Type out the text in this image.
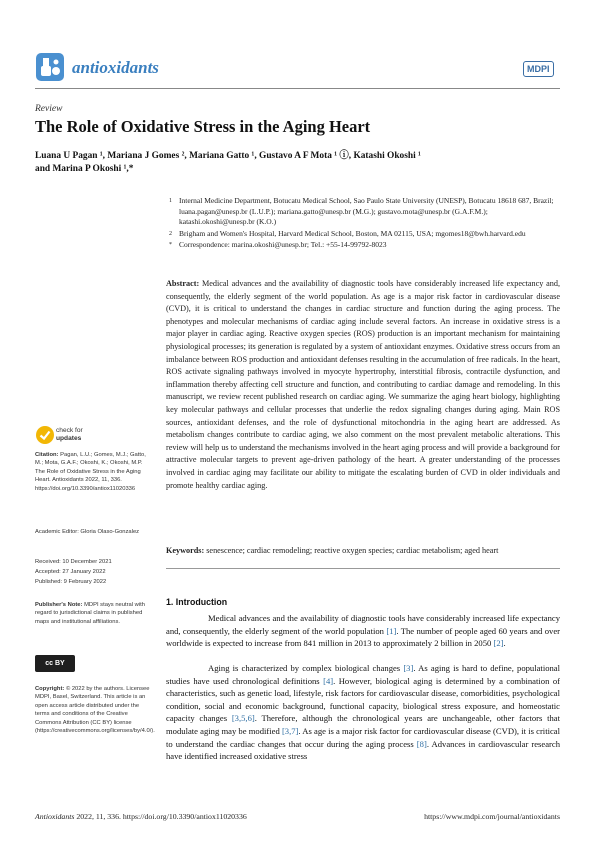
antioxidants	MDPI
Review
The Role of Oxidative Stress in the Aging Heart
Luana U Pagan ¹, Mariana J Gomes ², Mariana Gatto ¹, Gustavo A F Mota ¹ ⓘ, Katashi Okoshi ¹
and Marina P Okoshi ¹,*
1 Internal Medicine Department, Botucatu Medical School, Sao Paulo State University (UNESP), Botucatu 18618 687, Brazil; luana.pagan@unesp.br (L.U.P.); mariana.gatto@unesp.br (M.G.); gustavo.mota@unesp.br (G.A.F.M.); katashi.okoshi@unesp.br (K.O.)
2 Brigham and Women's Hospital, Harvard Medical School, Boston, MA 02115, USA; mgomes18@bwh.harvard.edu
* Correspondence: marina.okoshi@unesp.br; Tel.: +55-14-99792-8023
Abstract: Medical advances and the availability of diagnostic tools have considerably increased life expectancy and, consequently, the elderly segment of the world population. As age is a major risk factor in cardiovascular disease (CVD), it is critical to understand the changes in cardiac structure and function during the aging process. The phenotypes and molecular mechanisms of cardiac aging include several factors. An increase in oxidative stress is a major player in cardiac aging. Reactive oxygen species (ROS) production is an important mechanism for maintaining physiological processes; its generation is regulated by a system of antioxidant enzymes. Oxidative stress occurs from an imbalance between ROS production and antioxidant defenses resulting in the accumulation of free radicals. In the heart, ROS activate signaling pathways involved in myocyte hypertrophy, interstitial fibrosis, contractile dysfunction, and inflammation thereby affecting cell structure and function, and contributing to cardiac damage and remodeling. In this manuscript, we review recent published research on cardiac aging. We summarize the aging heart biology, highlighting key molecular pathways and cellular processes that underlie the redox signaling changes during aging. Main ROS sources, antioxidant defenses, and the role of dysfunctional mitochondria in the aging heart are addressed. As metabolism changes contribute to cardiac aging, we also comment on the most prevalent metabolic alterations. This review will help us to understand the mechanisms involved in the heart aging process and will provide a background for attractive molecular targets to prevent age-driven pathology of the heart. A greater understanding of the processes involved in cardiac aging may facilitate our ability to mitigate the escalating burden of CVD in older individuals and promote healthy cardiac aging.
Keywords: senescence; cardiac remodeling; reactive oxygen species; cardiac metabolism; aged heart
check for
updates
Citation: Pagan, L.U.; Gomes, M.J.; Gatto, M.; Mota, G.A.F.; Okoshi, K.; Okoshi, M.P. The Role of Oxidative Stress in the Aging Heart. Antioxidants 2022, 11, 336. https://doi.org/10.3390/antiox11020336
Academic Editor: Gloria Olaso-Gonzalez
Received: 10 December 2021
Accepted: 27 January 2022
Published: 9 February 2022
Publisher's Note: MDPI stays neutral with regard to jurisdictional claims in published maps and institutional affiliations.
cc BY
Copyright: © 2022 by the authors. Licensee MDPI, Basel, Switzerland. This article is an open access article distributed under the terms and conditions of the Creative Commons Attribution (CC BY) license (https://creativecommons.org/licenses/by/4.0/).
1. Introduction
Medical advances and the availability of diagnostic tools have considerably increased life expectancy and, consequently, the elderly segment of the world population [1]. The number of people aged 60 years and over worldwide is expected to increase from 841 million in 2013 to approximately 2 billion in 2050 [2].
Aging is characterized by complex biological changes [3]. As aging is hard to define, populational studies have used chronological definitions [4]. However, biological aging is determined by a combination of characteristics, such as genetic load, lifestyle, risk factors for cardiovascular disease, comorbidities, psychological condition, social and economic background, functional capacity, biological stress exposure, and homeostatic capacity changes [3,5,6]. Therefore, although the chronological years are unchangeable, other factors that modulate aging may be modified [3,7]. As age is a major risk factor for cardiovascular disease (CVD), it is critical to understand the cardiac changes that occur during the aging process [8]. Advances in cardiovascular research have identified increased oxidative stress
Antioxidants 2022, 11, 336. https://doi.org/10.3390/antiox11020336	https://www.mdpi.com/journal/antioxidants
